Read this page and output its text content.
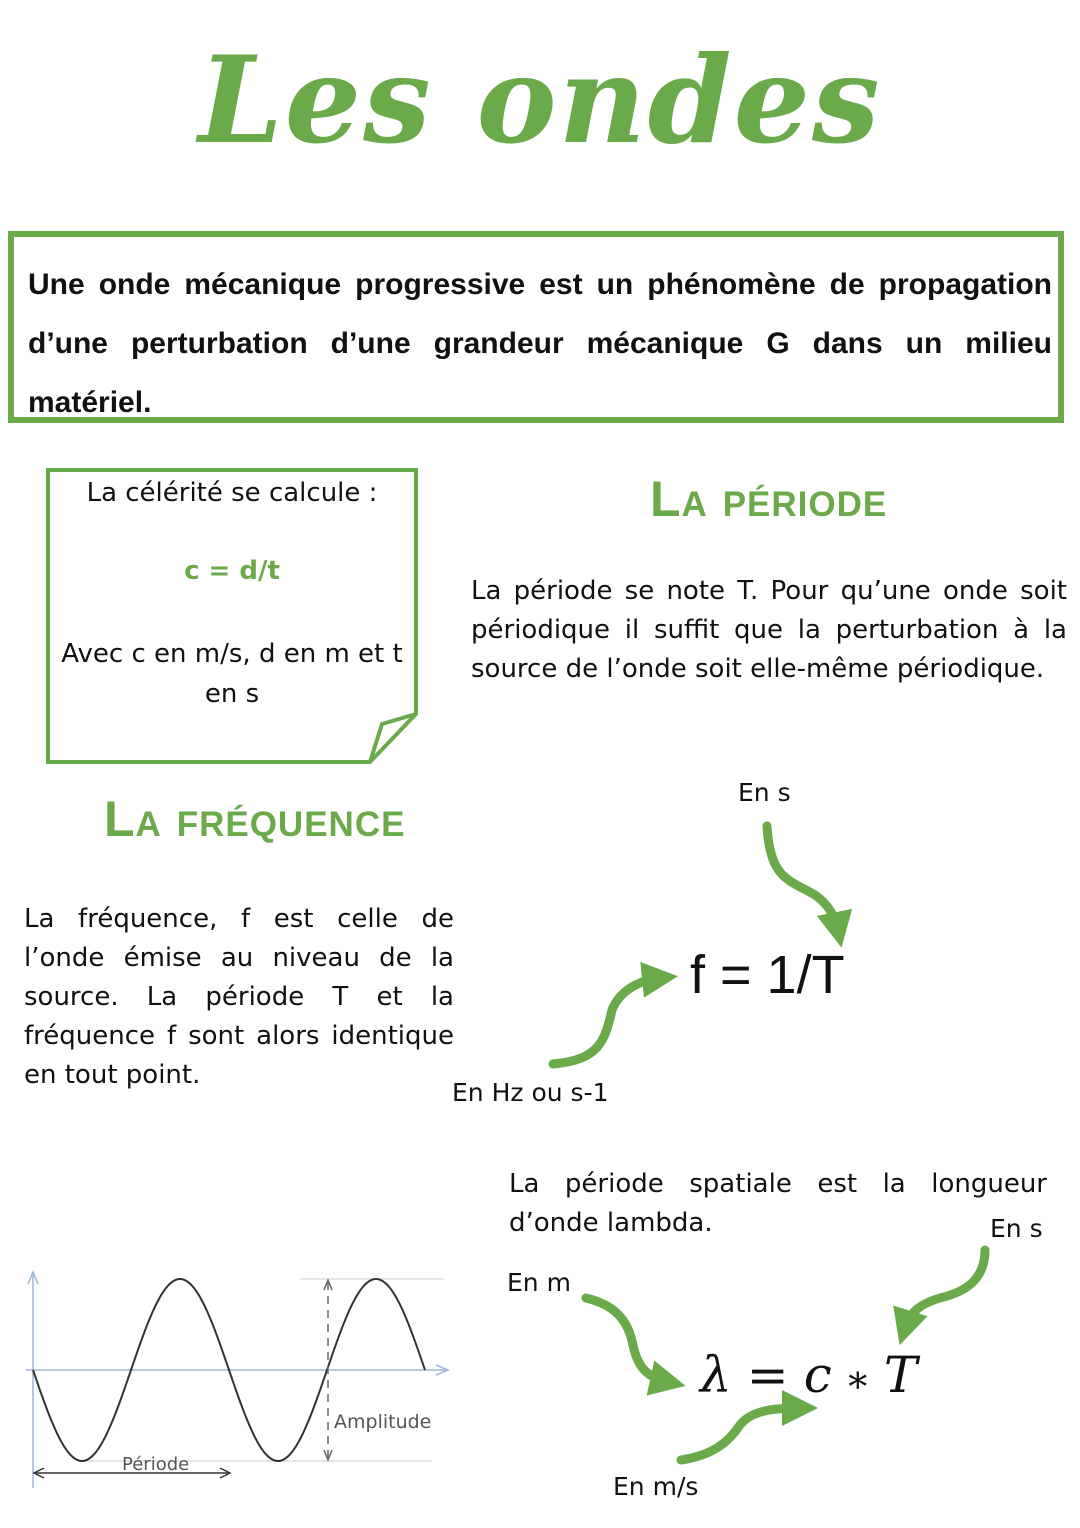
Les ondes
Une onde mécanique progressive est un phénomène de propagation d’une perturbation d’une grandeur mécanique G dans un milieu matériel.
La célérité se calcule :
c = d/t
Avec c en m/s, d en m et t en s
La période
La période se note T. Pour qu’une onde soit périodique il suffit que la perturbation à la source de l’onde soit elle-même périodique.
La fréquence
La fréquence, f est celle de l’onde émise au niveau de la source. La période T et la fréquence f sont alors identique en tout point.
En s
f = 1/T
En Hz ou s-1
La période spatiale est la longueur d’onde lambda.	En s
En m
λ = c ∗ T
En m/s
Amplitude
Période
